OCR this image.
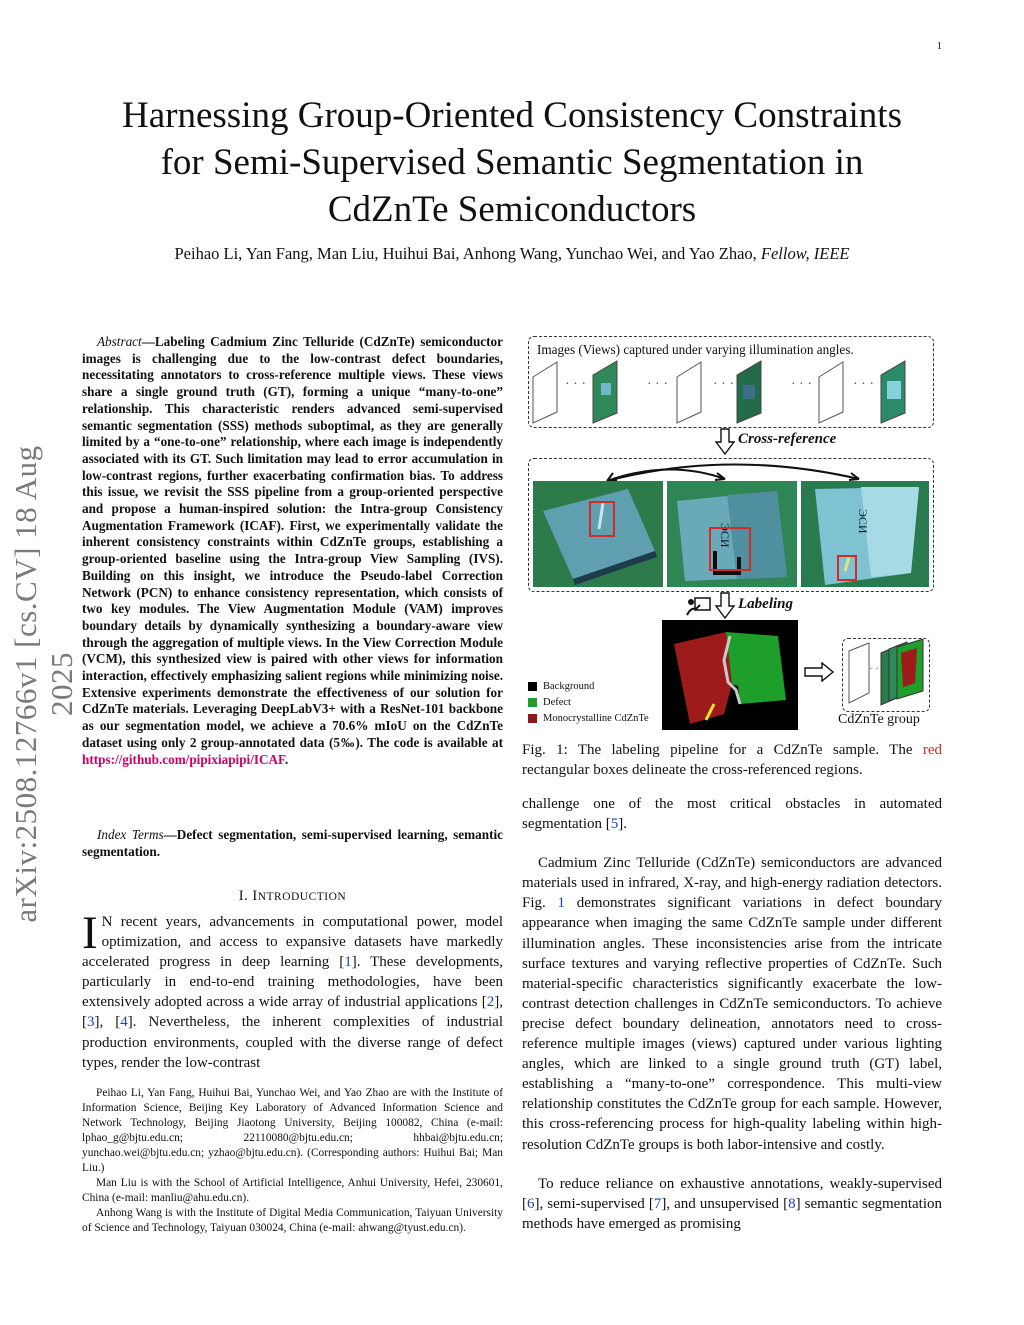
1
Harnessing Group-Oriented Consistency Constraints
for Semi-Supervised Semantic Segmentation in
CdZnTe Semiconductors
Peihao Li, Yan Fang, Man Liu, Huihui Bai, Anhong Wang, Yunchao Wei, and Yao Zhao, Fellow, IEEE
arXiv:2508.12766v1 [cs.CV] 18 Aug 2025
Abstract—Labeling Cadmium Zinc Telluride (CdZnTe) semiconductor images is challenging due to the low-contrast defect boundaries, necessitating annotators to cross-reference multiple views. These views share a single ground truth (GT), forming a unique “many-to-one” relationship. This characteristic renders advanced semi-supervised semantic segmentation (SSS) methods suboptimal, as they are generally limited by a “one-to-one” relationship, where each image is independently associated with its GT. Such limitation may lead to error accumulation in low-contrast regions, further exacerbating confirmation bias. To address this issue, we revisit the SSS pipeline from a group-oriented perspective and propose a human-inspired solution: the Intra-group Consistency Augmentation Framework (ICAF). First, we experimentally validate the inherent consistency constraints within CdZnTe groups, establishing a group-oriented baseline using the Intra-group View Sampling (IVS). Building on this insight, we introduce the Pseudo-label Correction Network (PCN) to enhance consistency representation, which consists of two key modules. The View Augmentation Module (VAM) improves boundary details by dynamically synthesizing a boundary-aware view through the aggregation of multiple views. In the View Correction Module (VCM), this synthesized view is paired with other views for information interaction, effectively emphasizing salient regions while minimizing noise. Extensive experiments demonstrate the effectiveness of our solution for CdZnTe materials. Leveraging DeepLabV3+ with a ResNet-101 backbone as our segmentation model, we achieve a 70.6% mIoU on the CdZnTe dataset using only 2 group-annotated data (5‰). The code is available at https://github.com/pipixiapipi/ICAF.
Index Terms—Defect segmentation, semi-supervised learning, semantic segmentation.
I. INTRODUCTION
I N recent years, advancements in computational power, model optimization, and access to expansive datasets have markedly accelerated progress in deep learning [1]. These developments, particularly in end-to-end training methodologies, have been extensively adopted across a wide array of industrial applications [2], [3], [4]. Nevertheless, the inherent complexities of industrial production environments, coupled with the diverse range of defect types, render the low-contrast

Peihao Li, Yan Fang, Huihui Bai, Yunchao Wei, and Yao Zhao are with the Institute of Information Science, Beijing Key Laboratory of Advanced Information Science and Network Technology, Beijing Jiaotong University, Beijing 100082, China (e-mail: lphao_g@bjtu.edu.cn; 22110080@bjtu.edu.cn; hhbai@bjtu.edu.cn; yunchao.wei@bjtu.edu.cn; yzhao@bjtu.edu.cn). (Corresponding authors: Huihui Bai; Man Liu.)

Man Liu is with the School of Artificial Intelligence, Anhui University, Hefei, 230601, China (e-mail: manliu@ahu.edu.cn).

Anhong Wang is with the Institute of Digital Media Communication, Taiyuan University of Science and Technology, Taiyuan 030024, China (e-mail: ahwang@tyust.edu.cn).

Images (Views) captured under varying illumination angles.
· · ·	· · ·	· · ·	· · ·	· · ·
Cross-reference
ЭСИ
ЭСИ
Labeling
Background
Defect
Monocrystalline CdZnTe
· · ·
CdZnTe group
Fig. 1: The labeling pipeline for a CdZnTe sample. The red rectangular boxes delineate the cross-referenced regions.

challenge one of the most critical obstacles in automated segmentation [5].

Cadmium Zinc Telluride (CdZnTe) semiconductors are advanced materials used in infrared, X-ray, and high-energy radiation detectors. Fig. 1 demonstrates significant variations in defect boundary appearance when imaging the same CdZnTe sample under different illumination angles. These inconsistencies arise from the intricate surface textures and varying reflective properties of CdZnTe. Such material-specific characteristics significantly exacerbate the low-contrast detection challenges in CdZnTe semiconductors. To achieve precise defect boundary delineation, annotators need to cross-reference multiple images (views) captured under various lighting angles, which are linked to a single ground truth (GT) label, establishing a “many-to-one” correspondence. This multi-view relationship constitutes the CdZnTe group for each sample. However, this cross-referencing process for high-quality labeling within high-resolution CdZnTe groups is both labor-intensive and costly.

To reduce reliance on exhaustive annotations, weakly-supervised [6], semi-supervised [7], and unsupervised [8] semantic segmentation methods have emerged as promising
